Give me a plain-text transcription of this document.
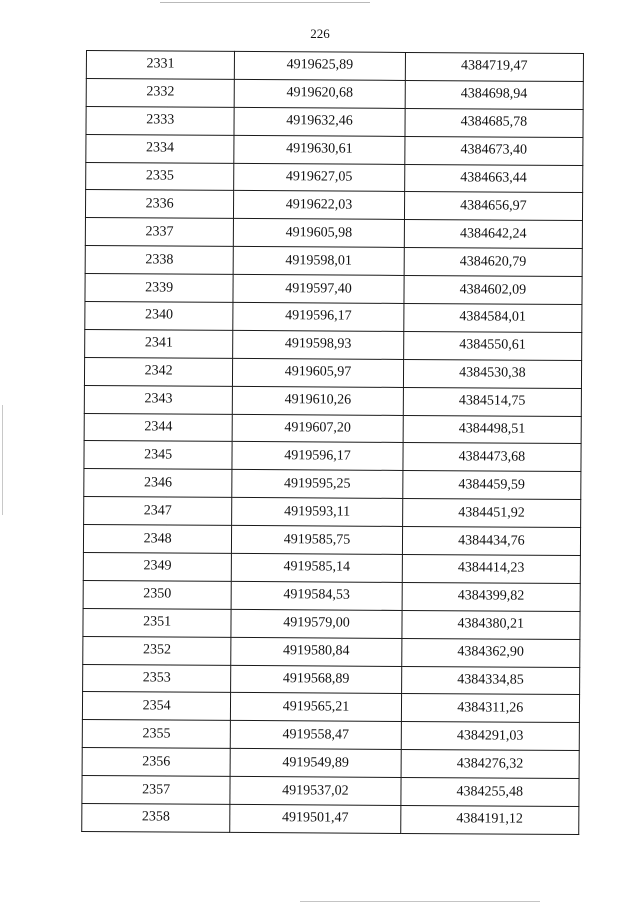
226
2331	4919625,89	4384719,47
2332	4919620,68	4384698,94
2333	4919632,46	4384685,78
2334	4919630,61	4384673,40
2335	4919627,05	4384663,44
2336	4919622,03	4384656,97
2337	4919605,98	4384642,24
2338	4919598,01	4384620,79
2339	4919597,40	4384602,09
2340	4919596,17	4384584,01
2341	4919598,93	4384550,61
2342	4919605,97	4384530,38
2343	4919610,26	4384514,75
2344	4919607,20	4384498,51
2345	4919596,17	4384473,68
2346	4919595,25	4384459,59
2347	4919593,11	4384451,92
2348	4919585,75	4384434,76
2349	4919585,14	4384414,23
2350	4919584,53	4384399,82
2351	4919579,00	4384380,21
2352	4919580,84	4384362,90
2353	4919568,89	4384334,85
2354	4919565,21	4384311,26
2355	4919558,47	4384291,03
2356	4919549,89	4384276,32
2357	4919537,02	4384255,48
2358	4919501,47	4384191,12
